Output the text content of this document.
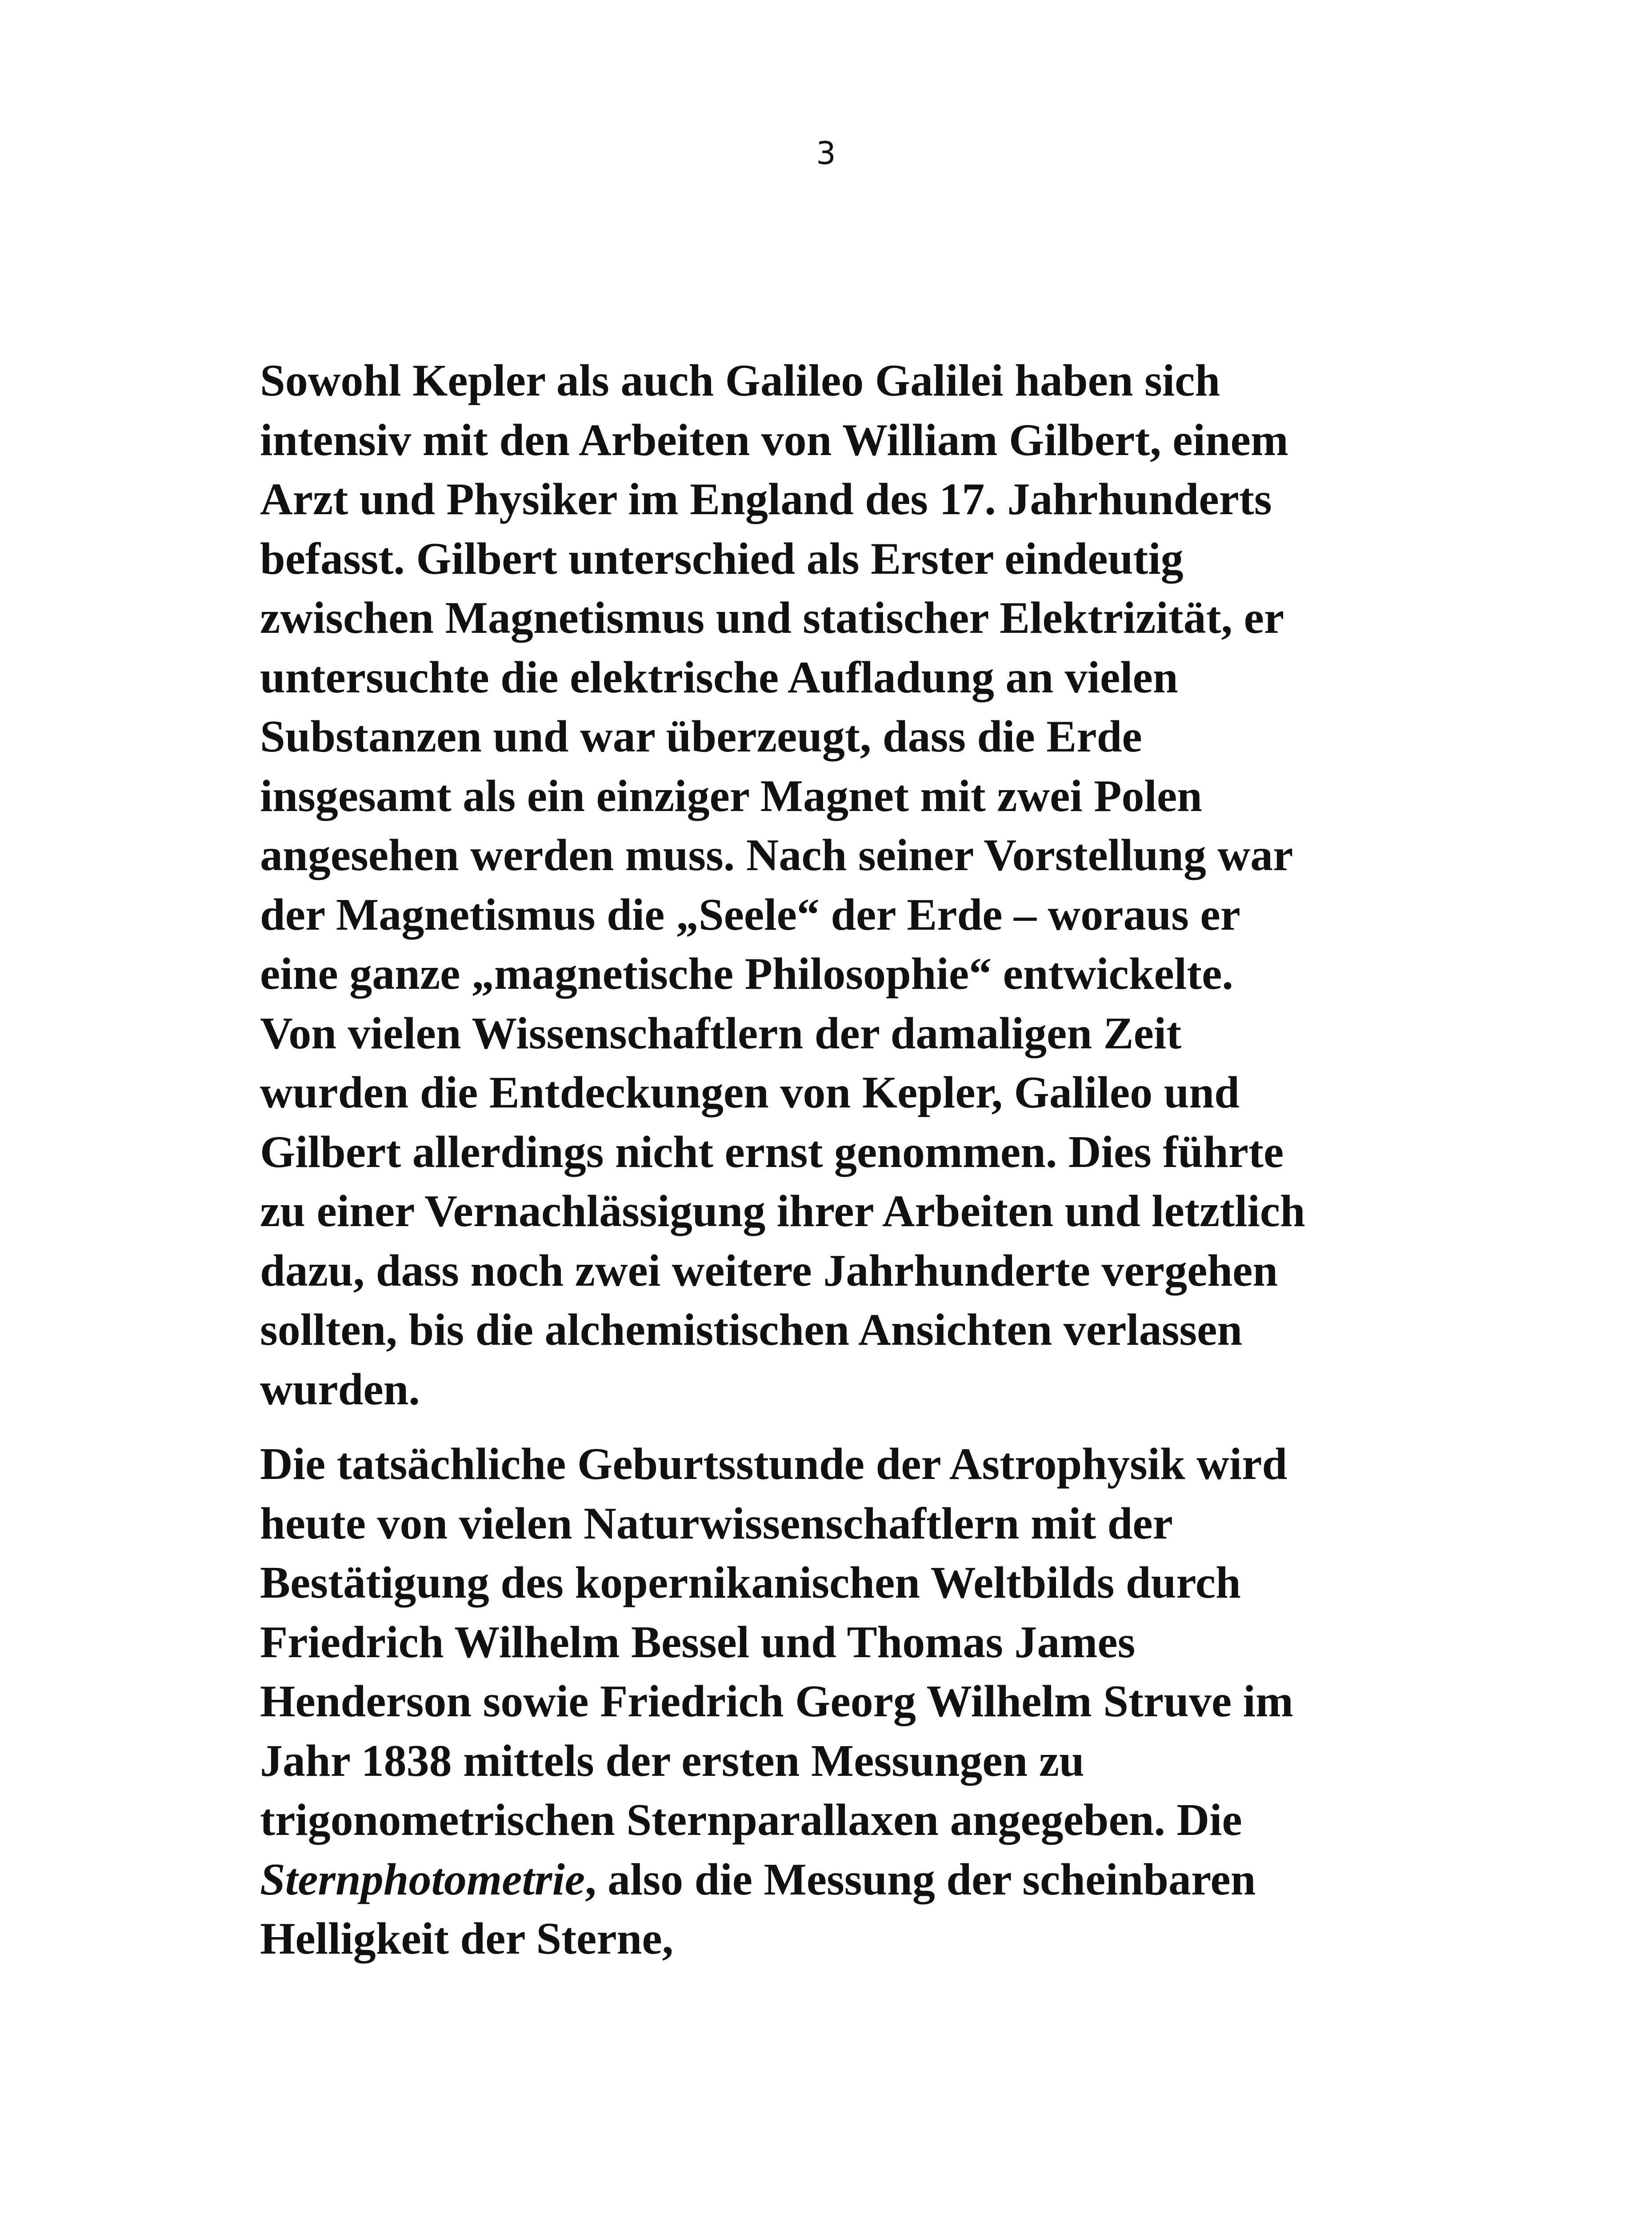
3

Sowohl Kepler als auch Galileo Galilei haben sich
intensiv mit den Arbeiten von William Gilbert, einem
Arzt und Physiker im England des 17. Jahrhunderts
befasst. Gilbert unterschied als Erster eindeutig
zwischen Magnetismus und statischer Elektrizität, er
untersuchte die elektrische Aufladung an vielen
Substanzen und war überzeugt, dass die Erde
insgesamt als ein einziger Magnet mit zwei Polen
angesehen werden muss. Nach seiner Vorstellung war
der Magnetismus die „Seele“ der Erde – woraus er
eine ganze „magnetische Philosophie“ entwickelte.
Von vielen Wissenschaftlern der damaligen Zeit
wurden die Entdeckungen von Kepler, Galileo und
Gilbert allerdings nicht ernst genommen. Dies führte
zu einer Vernachlässigung ihrer Arbeiten und letztlich
dazu, dass noch zwei weitere Jahrhunderte vergehen
sollten, bis die alchemistischen Ansichten verlassen
wurden.

Die tatsächliche Geburtsstunde der Astrophysik wird
heute von vielen Naturwissenschaftlern mit der
Bestätigung des kopernikanischen Weltbilds durch
Friedrich Wilhelm Bessel und Thomas James
Henderson sowie Friedrich Georg Wilhelm Struve im
Jahr 1838 mittels der ersten Messungen zu
trigonometrischen Sternparallaxen angegeben. Die
Sternphotometrie, also die Messung der scheinbaren
Helligkeit der Sterne,
